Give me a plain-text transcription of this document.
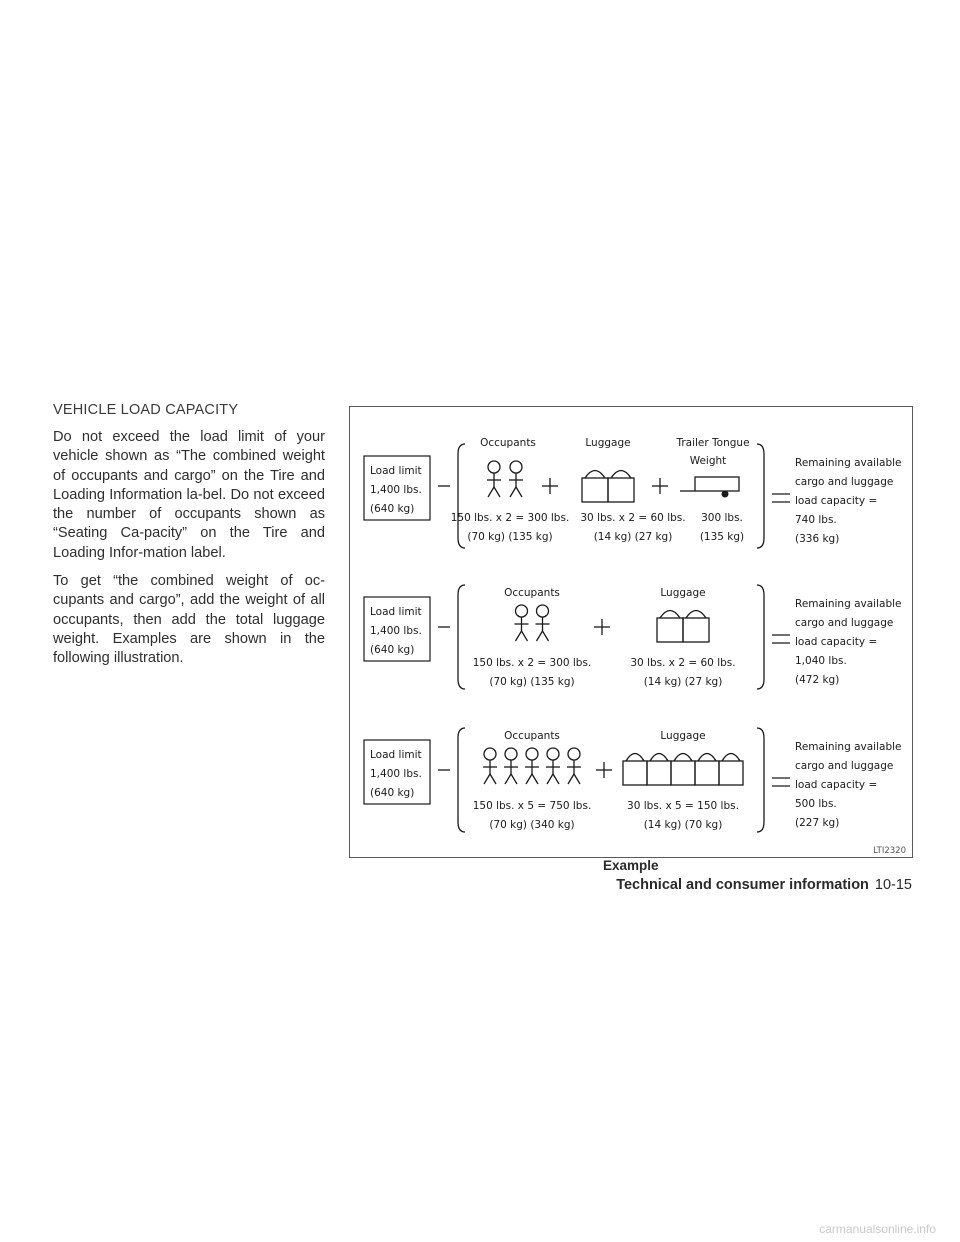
VEHICLE LOAD CAPACITY

Do not exceed the load limit of your vehicle shown as “The combined weight of occupants and cargo” on the Tire and Loading Information la-bel. Do not exceed the number of occupants shown as “Seating Ca-pacity” on the Tire and Loading Infor-mation label.

To get “the combined weight of oc-cupants and cargo”, add the weight of all occupants, then add the total luggage weight. Examples are shown in the following illustration.

Load limit
1,400 lbs.
(640 kg)
Occupants	Luggage	Trailer Tongue
Weight
150 lbs. x 2 = 300 lbs.
(70 kg) (135 kg)
30 lbs. x 2 = 60 lbs.
(14 kg) (27 kg)
300 lbs.
(135 kg)
Remaining available
cargo and luggage
load capacity =
740 lbs.
(336 kg)
Load limit
1,400 lbs.
(640 kg)
Occupants	Luggage
150 lbs. x 2 = 300 lbs.
(70 kg) (135 kg)
30 lbs. x 2 = 60 lbs.
(14 kg) (27 kg)
Remaining available
cargo and luggage
load capacity =
1,040 lbs.
(472 kg)
Load limit
1,400 lbs.
(640 kg)
Occupants	Luggage
150 lbs. x 5 = 750 lbs.
(70 kg) (340 kg)
30 lbs. x 5 = 150 lbs.
(14 kg) (70 kg)
Remaining available
cargo and luggage
load capacity =
500 lbs.
(227 kg)
LTI2320
Example
Technical and consumer information 10-15
carmanualsonline.info
